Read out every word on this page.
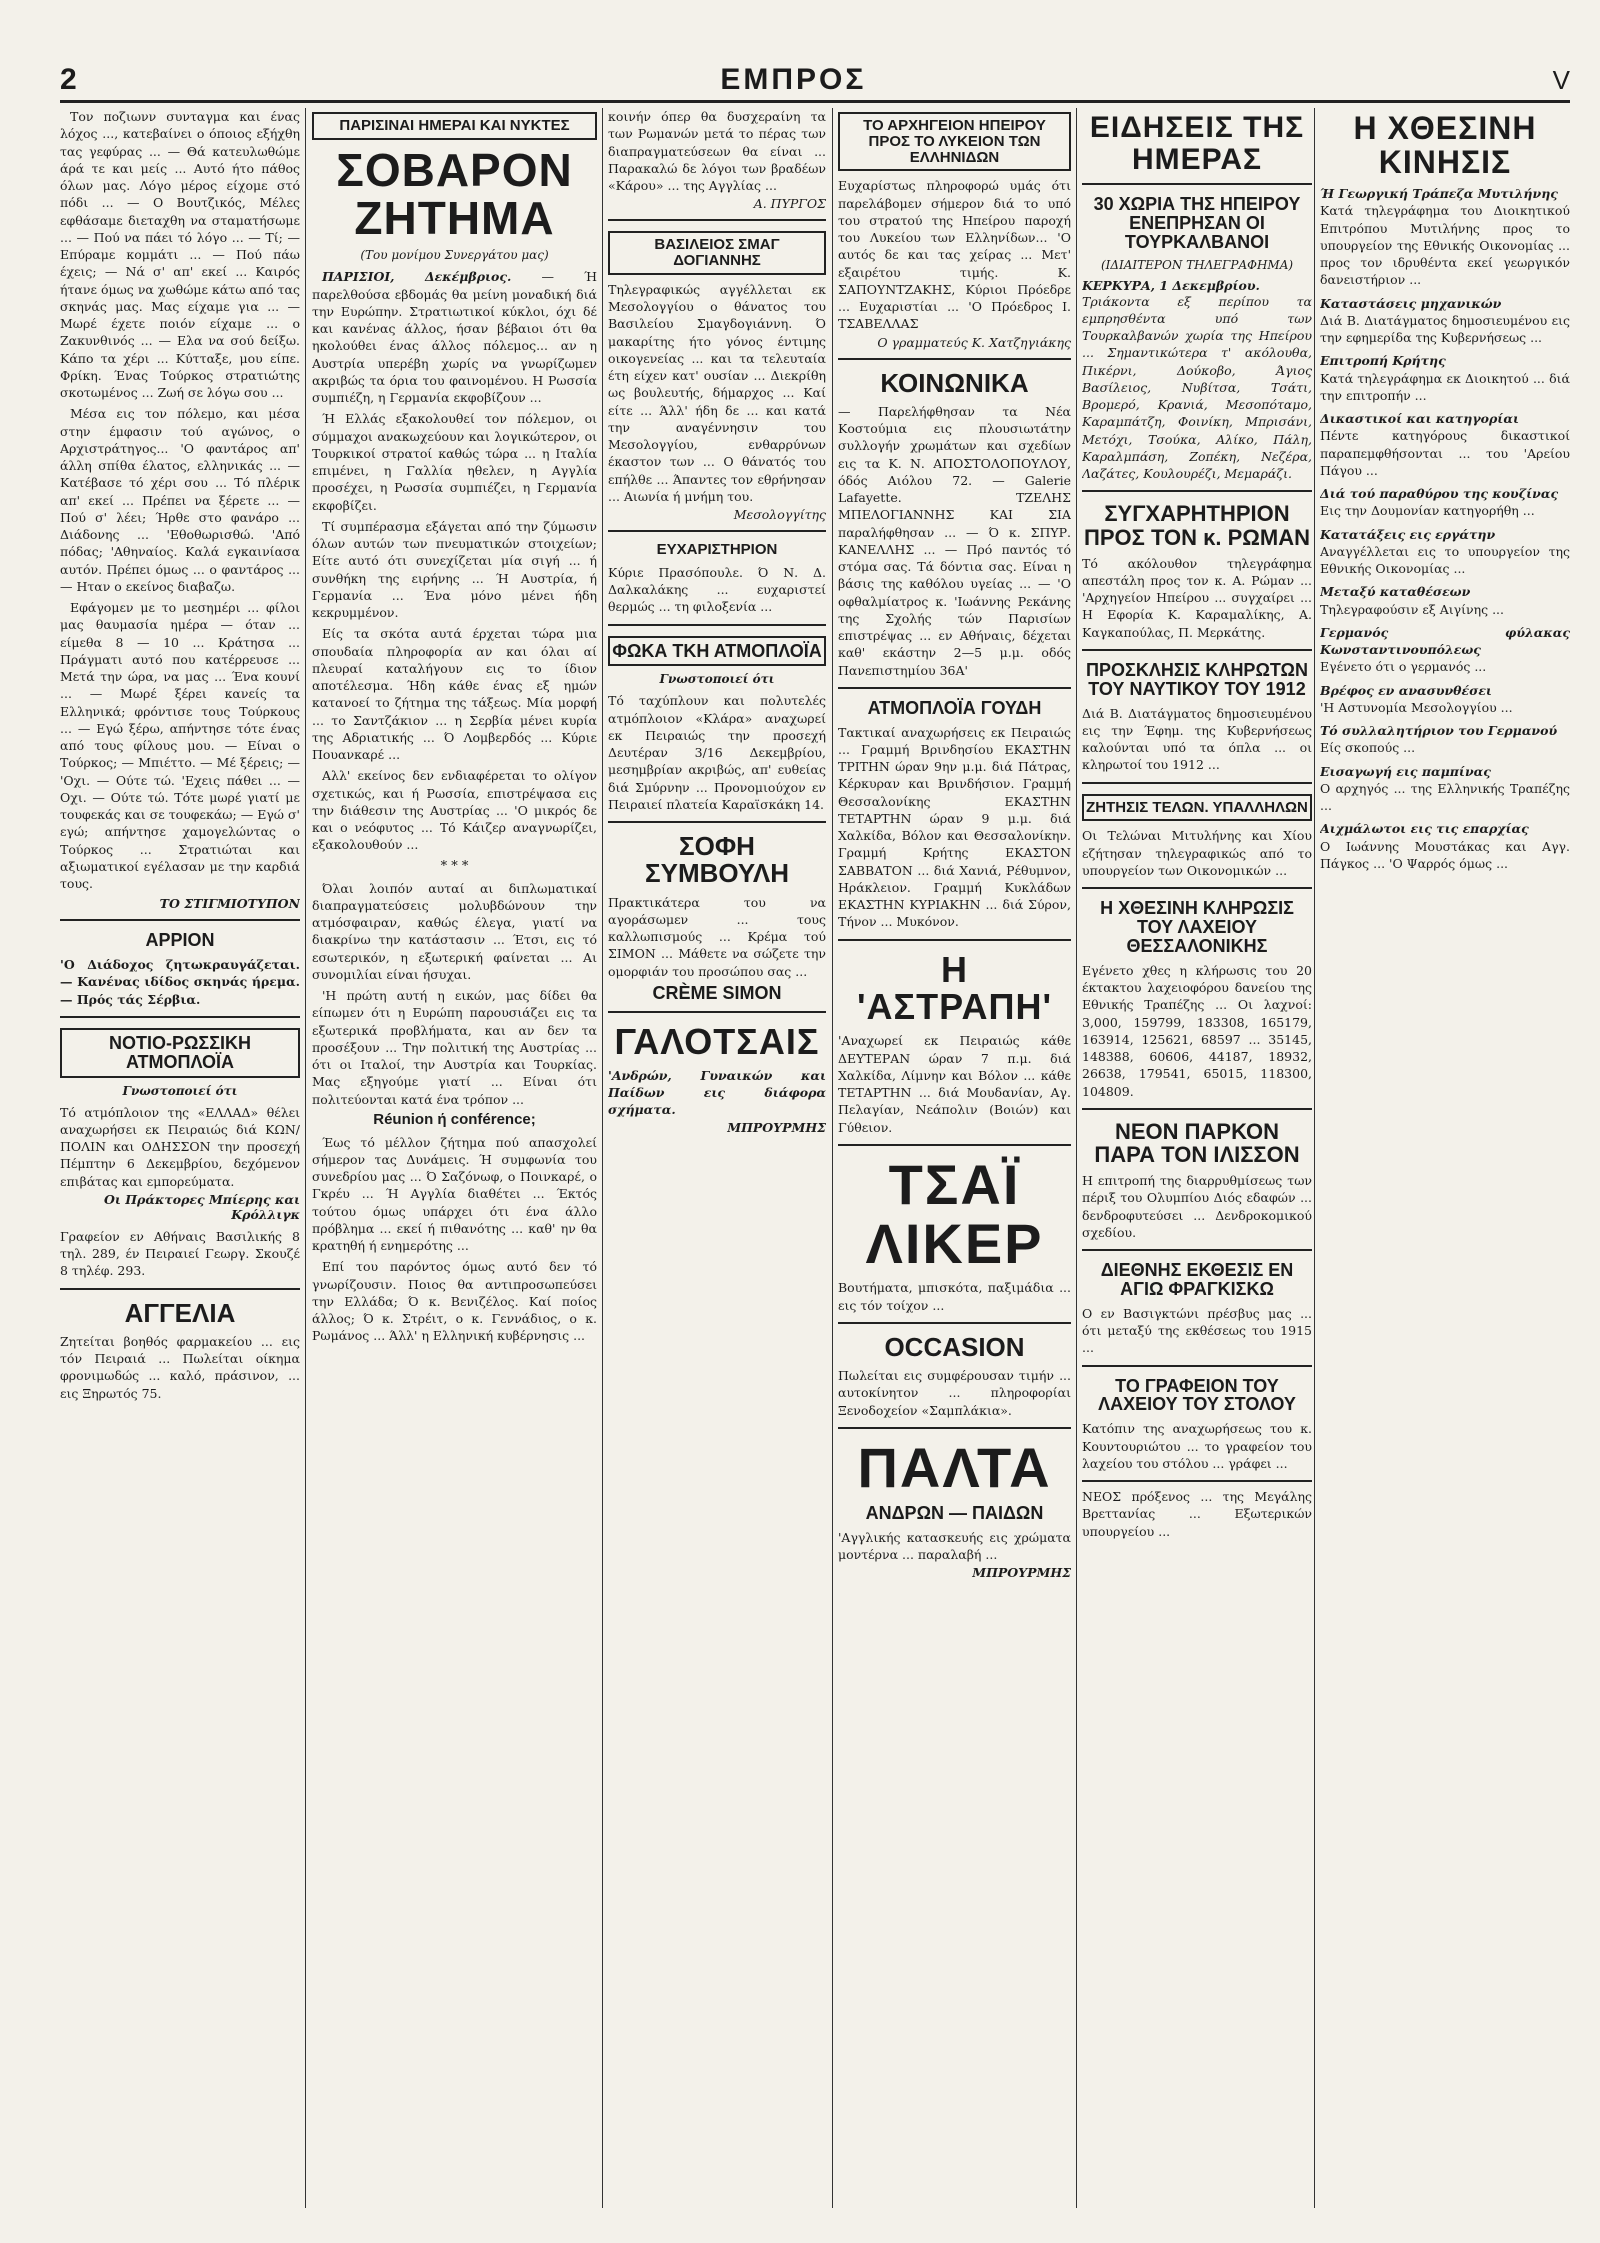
2	ΕΜΠΡΟΣ	V

Τον ποζιωνν συνταγμα και ένας λόχος ..., κατεβαίνει ο όποιος εξήχθη τας γεφύρας ... — Θά κατευλωθώμε άρά τε και μείς ... Αυτό ήτο πάθος όλων μας. Λόγο μέρος είχομε στό πόδι ... — Ο Βουτζικός, Μέλες εφθάσαμε διεταχθη να σταματήσωμε ... — Πού να πάει τό λόγο ... — Τί; — Επύραμε κομμάτι ... — Πού πάω έχεις; — Νά σ' απ' εκεί ... Καιρός ήτανε όμως να χωθώμε κάτω από τας σκηνάς μας. Μας είχαμε για ... — Μωρέ έχετε ποιόν είχαμε ... ο Ζακυνθινός ... — Ελα να σού δείξω. Κάπο τα χέρι ... Κύτταξε, μου είπε. Φρίκη. Ένας Τούρκος στρατιώτης σκοτωμένος ... Ζωή σε λόγω σου ...

Μέσα εις τον πόλεμο, και μέσα στην έμφασιν τού αγώνος, ο Αρχιστράτηγος... 'Ο φαντάρος απ' άλλη σπίθα έλατος, ελληνικάς ... — Κατέβασε τό χέρι σου ... Τό πλέρικ απ' εκεί ... Πρέπει να ξέρετε ... — Πού σ' λέει; Ήρθε στο φανάρο ... Διάδονης ... 'Εθοθωρισθώ. 'Από πόδας; 'Αθηναίος. Καλά εγκαινίασα αυτόν. Πρέπει όμως ... ο φαντάρος ... — Ηταν ο εκείνος διαβαζω.

Εφάγομεν με το μεσημέρι ... φίλοι μας θαυμασία ημέρα — όταν ... είμεθα 8 — 10 ... Κράτησα ... Πράγματι αυτό που κατέρρευσε ... Μετά την ώρα, να μας ... Ένα κουνί ... — Μωρέ ξέρει κανείς τα Ελληνικά; φρόντισε τους Τούρκους ... — Εγώ ξέρω, απήντησε τότε ένας από τους φίλους μου. — Είναι ο Τούρκος; — Μπιέττο. — Μέ ξέρεις; — 'Οχι. — Ούτε τώ. 'Εχεις πάθει ... — Οχι. — Ούτε τώ. Τότε μωρέ γιατί με τουφεκάς και σε τουφεκάω; — Εγώ σ' εγώ; απήντησε χαμογελώντας ο Τούρκος ... Στρατιώται και αξιωματικοί εγέλασαν με την καρδιά τους.

ΤΟ ΣΤΙΓΜΙΟΤΥΠΟΝ
ΑΡΡΙΟΝ
'Ο Διάδοχος ζητωκραυγάζεται. — Κανένας ιδίδος σκηνάς ήρεμα. — Πρός τάς Σέρβια.
ΝΟΤΙΟ-ΡΩΣΣΙΚΗ ΑΤΜΟΠΛΟΪΑ
Γνωστοποιεί ότι
Τό ατμόπλοιον της «ΕΛΛΑΔ» θέλει αναχωρήσει εκ Πειραιώς διά ΚΩΝ/ΠΟΛΙΝ και ΟΔΗΣΣΟΝ την προσεχή Πέμπτην 6 Δεκεμβρίου, δεχόμενον επιβάτας και εμπορεύματα.
Οι Πράκτορες Μπίερης και Κρόλλιγκ
Γραφείον εν Αθήναις Βασιλικής 8 τηλ. 289, έν Πειραιεί Γεωργ. Σκουζέ 8 τηλέφ. 293.
ΑΓΓΕΛΙΑ
Ζητείται βοηθός φαρμακείου ... εις τόν Πειραιά ... Πωλείται οίκημα φρονιμωδώς ... καλό, πράσινον, ... εις Ξηρωτός 75.
ΠΑΡΙΣΙΝΑΙ ΗΜΕΡΑΙ ΚΑΙ ΝΥΚΤΕΣ
ΣΟΒΑΡΟΝ ΖΗΤΗΜΑ
(Του μονίμου Συνεργάτου μας)

ΠΑΡΙΣΙΟΙ, Δεκέμβριος. — Ή παρελθούσα εβδομάς θα μείνη μοναδική διά την Ευρώπην. Στρατιωτικοί κύκλοι, όχι δέ και κανένας άλλος, ήσαν βέβαιοι ότι θα ηκολούθει ένας άλλος πόλεμος... αν η Αυστρία υπερέβη χωρίς να γνωρίζωμεν ακριβώς τα όρια του φαινομένου. Η Ρωσσία συμπιέζη, η Γερμανία εκφοβίζουν ...

Ή Ελλάς εξακολουθεί τον πόλεμον, οι σύμμαχοι ανακωχεύουν και λογικώτερον, οι Τουρκικοί στρατοί καθώς τώρα ... η Ιταλία επιμένει, η Γαλλία ηθελεν, η Αγγλία προσέχει, η Ρωσσία συμπιέζει, η Γερμανία εκφοβίζει.

Τί συμπέρασμα εξάγεται από την ζύμωσιν όλων αυτών των πνευματικών στοιχείων; Είτε αυτό ότι συνεχίζεται μία σιγή ... ή συνθήκη της ειρήνης ... Ή Αυστρία, ή Γερμανία ... Ένα μόνο μένει ήδη κεκρυμμένον.

Είς τα σκότα αυτά έρχεται τώρα μια σπουδαία πληροφορία αν και όλαι αί πλευραί καταλήγουν εις το ίδιον αποτέλεσμα. Ήδη κάθε ένας εξ ημών κατανοεί το ζήτημα της τάξεως. Μία μορφή ... το Σαντζάκιον ... η Σερβία μένει κυρία της Αδριατικής ... Ό Λομβερδός ... Κύριε Πουανκαρέ ...

Αλλ' εκείνος δεν ενδιαφέρεται το ολίγον σχετικώς, και ή Ρωσσία, επιστρέψασα εις την διάθεσιν της Αυστρίας ... 'Ο μικρός δε και ο νεόφυτος ... Τό Κάιζερ αναγνωρίζει, εξακολουθούν ...

* * *

Όλαι λοιπόν αυταί αι διπλωματικαί διαπραγματεύσεις μολυβδώνουν την ατμόσφαιραν, καθώς έλεγα, γιατί να διακρίνω την κατάστασιν ... Έτσι, εις τό εσωτερικόν, η εξωτερική φαίνεται ... Αι συνομιλίαι είναι ήσυχαι.

'Η πρώτη αυτή η εικών, μας δίδει θα είπωμεν ότι η Ευρώπη παρουσιάζει εις τα εξωτερικά προβλήματα, και αν δεν τα προσέξουν ... Την πολιτική της Αυστρίας ... ότι οι Ιταλοί, την Αυστρία και Τουρκίας. Μας εξηγούμε γιατί ... Είναι ότι πολιτεύονται κατά ένα τρόπον ...

Réunion ή conférence;

Έως τό μέλλον ζήτημα πού απασχολεί σήμερον τας Δυνάμεις. Ή συμφωνία του συνεδρίου μας ... Ό Σαζόνωφ, ο Ποινκαρέ, ο Γκρέυ ... Ή Αγγλία διαθέτει ... Έκτός τούτου όμως υπάρχει ότι ένα άλλο πρόβλημα ... εκεί ή πιθανότης ... καθ' ην θα κρατηθή ή ενημερότης ...

Επί του παρόντος όμως αυτό δεν τό γνωρίζουσιν. Ποιος θα αντιπροσωπεύσει την Ελλάδα; Ό κ. Βενιζέλος. Καί ποίος άλλος; Ό κ. Στρέιτ, ο κ. Γεννάδιος, ο κ. Ρωμάνος ... Άλλ' η Ελληνική κυβέρνησις ...

κοινήν όπερ θα δυσχεραίνη τα των Ρωμανών μετά το πέρας των διαπραγματεύσεων θα είναι ... Παρακαλώ δε λόγοι των βραδέων «Κάρου» ... της Αγγλίας ...
Α. ΠΥΡΓΟΣ
ΒΑΣΙΛΕΙΟΣ ΣΜΑΓ ΔΟΓΙΑΝΝΗΣ
Τηλεγραφικώς αγγέλλεται εκ Μεσολογγίου ο θάνατος του Βασιλείου Σμαγδογιάννη. Ό μακαρίτης ήτο γόνος έντιμης οικογενείας ... και τα τελευταία έτη είχεν κατ' ουσίαν ... Διεκρίθη ως βουλευτής, δήμαρχος ... Καί είτε ... Άλλ' ήδη δε ... και κατά την αναγέννησιν του Μεσολογγίου, ενθαρρύνων έκαστον των ... Ο θάνατός του επήλθε ... Άπαντες τον εθρήνησαν ... Αιωνία ή μνήμη του.
Μεσολογγίτης
ΕΥΧΑΡΙΣΤΗΡΙΟΝ
Κύριε Πρασόπουλε. Ό Ν. Δ. Δαλκαλάκης ... ευχαριστεί θερμώς ... τη φιλοξενία ...
ΦΩΚΑ ΤΚΗ ΑΤΜΟΠΛΟΪΑ
Γνωστοποιεί ότι
Τό ταχύπλουν και πολυτελές ατμόπλοιον «Κλάρα» αναχωρεί εκ Πειραιώς την προσεχή Δευτέραν 3/16 Δεκεμβρίου, μεσημβρίαν ακριβώς, απ' ευθείας διά Σμύρνην ... Προνομιούχον εν Πειραιεί πλατεία Καραϊσκάκη 14.
ΣΟΦΗ ΣΥΜΒΟΥΛΗ
Πρακτικάτερα του να αγοράσωμεν ... τους καλλωπισμούς ... Κρέμα τού ΣΙΜΟΝ ... Μάθετε να σώζετε την ομορφιάν του προσώπου σας ...
CRÈME SIMON
ΓΑΛΟΤΣΑΙΣ
'Ανδρών, Γυναικών και Παίδων εις διάφορα σχήματα.
ΜΠΡΟΥΡΜΗΣ
ΤΟ ΑΡΧΗΓΕΙΟΝ ΗΠΕΙΡΟΥ ΠΡΟΣ ΤΟ ΛΥΚΕΙΟΝ ΤΩΝ ΕΛΛΗΝΙΔΩΝ
Ευχαρίστως πληροφορώ υμάς ότι παρελάβομεν σήμερον διά το υπό του στρατού της Ηπείρου παροχή του Λυκείου των Ελληνίδων... 'Ο αυτός δε και τας χείρας ... Μετ' εξαιρέτου τιμής. Κ. ΣΑΠΟΥΝΤΖΑΚΗΣ, Κύριοι Πρόεδρε ... Ευχαριστίαι ... 'Ο Πρόεδρος Ι. ΤΣΑΒΕΛΛΑΣ
Ο γραμματεύς Κ. Χατζηγιάκης
ΚΟΙΝΩΝΙΚΑ
— Παρελήφθησαν τα Νέα Κοστούμια εις πλουσιωτάτην συλλογήν χρωμάτων και σχεδίων εις τα Κ. Ν. ΑΠΟΣΤΟΛΟΠΟΥΛΟΥ, όδός Αιόλου 72. — Galerie Lafayette. ΤΖΕΛΗΣ ΜΠΕΛΟΓΙΑΝΝΗΣ ΚΑΙ ΣΙΑ παραλήφθησαν ... — Ό κ. ΣΠΥΡ. ΚΑΝΕΛΛΗΣ ... — Πρό παντός τό στόμα σας. Τά δόντια σας. Είναι η βάσις της καθόλου υγείας ... — 'Ο οφθαλμίατρος κ. 'Ιωάννης Ρεκάνης της Σχολής τών Παρισίων επιστρέψας ... εν Αθήναις, δέχεται καθ' εκάστην 2—5 μ.μ. οδός Πανεπιστημίου 36Α'
ΑΤΜΟΠΛΟΪΑ ΓΟΥΔΗ
Τακτικαί αναχωρήσεις εκ Πειραιώς ... Γραμμή Βρινδησίου ΕΚΑΣΤΗΝ ΤΡΙΤΗΝ ώραν 9ην μ.μ. διά Πάτρας, Κέρκυραν και Βρινδήσιον. Γραμμή Θεσσαλονίκης ΕΚΑΣΤΗΝ ΤΕΤΑΡΤΗΝ ώραν 9 μ.μ. διά Χαλκίδα, Βόλον και Θεσσαλονίκην. Γραμμή Κρήτης ΕΚΑΣΤΟΝ ΣΑΒΒΑΤΟΝ ... διά Χανιά, Ρέθυμνον, Ηράκλειον. Γραμμή Κυκλάδων ΕΚΑΣΤΗΝ ΚΥΡΙΑΚΗΝ ... διά Σύρον, Τήνον ... Μυκόνον.
Η 'ΑΣΤΡΑΠΗ'
'Αναχωρεί εκ Πειραιώς κάθε ΔΕΥΤΕΡΑΝ ώραν 7 π.μ. διά Χαλκίδα, Λίμνην και Βόλον ... κάθε ΤΕΤΑΡΤΗΝ ... διά Μουδανίαν, Αγ. Πελαγίαν, Νεάπολιν (Βοιών) και Γύθειον.
ΤΣΑΪ ΛΙΚΕΡ
Βουτήματα, μπισκότα, παξιμάδια ... εις τόν τοίχον ...
OCCASION
Πωλείται εις συμφέρουσαν τιμήν ... αυτοκίνητον ... πληροφορίαι Ξενοδοχείον «Σαμπλάκια».
ΠΑΛΤΑ
ΑΝΔΡΩΝ — ΠΑΙΔΩΝ
'Αγγλικής κατασκευής εις χρώματα μοντέρνα ... παραλαβή ...
ΜΠΡΟΥΡΜΗΣ
ΕΙΔΗΣΕΙΣ ΤΗΣ ΗΜΕΡΑΣ
30 ΧΩΡΙΑ ΤΗΣ ΗΠΕΙΡΟΥ ΕΝΕΠΡΗΣΑΝ ΟΙ ΤΟΥΡΚΑΛΒΑΝΟΙ
(ΙΔΙΑΙΤΕΡΟΝ ΤΗΛΕΓΡΑΦΗΜΑ)
ΚΕΡΚΥΡΑ, 1 Δεκεμβρίου.
Τριάκοντα εξ περίπου τα εμπρησθέντα υπό των Τουρκαλβανών χωρία της Ηπείρου ... Σημαντικώτερα τ' ακόλουθα, Πικέρνι, Δούκοβο, Άγιος Βασίλειος, Νυβίτσα, Τσάτι, Βρομερό, Κρανιά, Μεσοπόταμο, Καραμπάτζη, Φοινίκη, Μπρισάνι, Μετόχι, Τσούκα, Αλίκο, Πάλη, Καραλμπάση, Ζοπέκη, Νεζέρα, Λαζάτες, Κουλουρέζι, Μεμαράζι.
ΣΥΓΧΑΡΗΤΗΡΙΟΝ ΠΡΟΣ ΤΟΝ κ. ΡΩΜΑΝ
Τό ακόλουθον τηλεγράφημα απεστάλη προς τον κ. Α. Ρώμαν ... 'Αρχηγείον Ηπείρου ... συγχαίρει ... Η Εφορία Κ. Καραμαλίκης, Α. Καγκαπούλας, Π. Μερκάτης.
ΠΡΟΣΚΛΗΣΙΣ ΚΛΗΡΩΤΩΝ ΤΟΥ ΝΑΥΤΙΚΟΥ ΤΟΥ 1912
Διά Β. Διατάγματος δημοσιευμένου εις την Έφημ. της Κυβερνήσεως καλούνται υπό τα όπλα ... οι κληρωτοί του 1912 ...
ΖΗΤΗΣΙΣ ΤΕΛΩΝ. ΥΠΑΛΛΗΛΩΝ
Οι Τελώναι Μιτυλήνης και Χίου εζήτησαν τηλεγραφικώς από το υπουργείον των Οικονομικών ...
Η ΧΘΕΣΙΝΗ ΚΛΗΡΩΣΙΣ ΤΟΥ ΛΑΧΕΙΟΥ ΘΕΣΣΑΛΟΝΙΚΗΣ
Εγένετο χθες η κλήρωσις του 20 έκτακτου λαχειοφόρου δανείου της Εθνικής Τραπέζης ... Οι λαχνοί: 3,000, 159799, 183308, 165179, 163914, 125621, 68597 ... 35145, 148388, 60606, 44187, 18932, 26638, 179541, 65015, 118300, 104809.
ΝΕΟΝ ΠΑΡΚΟΝ ΠΑΡΑ ΤΟΝ ΙΛΙΣΣΟΝ
Η επιτροπή της διαρρυθμίσεως των πέριξ του Ολυμπίου Διός εδαφών ... δενδροφυτεύσει ... Δενδροκομικού σχεδίου.
ΔΙΕΘΝΗΣ ΕΚΘΕΣΙΣ ΕΝ ΑΓΙΩ ΦΡΑΓΚΙΣΚΩ
Ο εν Βασιγκτώνι πρέσβυς μας ... ότι μεταξύ της εκθέσεως του 1915 ...
ΤΟ ΓΡΑΦΕΙΟΝ ΤΟΥ ΛΑΧΕΙΟΥ ΤΟΥ ΣΤΟΛΟΥ
Κατόπιν της αναχωρήσεως του κ. Κουντουριώτου ... το γραφείον του λαχείου του στόλου ... γράφει ...
ΝΕΟΣ πρόξενος ... της Μεγάλης Βρεττανίας ... Εξωτερικών υπουργείου ...
Η ΧΘΕΣΙΝΗ ΚΙΝΗΣΙΣ
Ή Γεωργική Τράπεζα Μυτιλήνης
Κατά τηλεγράφημα του Διοικητικού Επιτρόπου Μυτιλήνης προς το υπουργείον της Εθνικής Οικονομίας ... προς τον ιδρυθέντα εκεί γεωργικόν δανειστήριον ...
Καταστάσεις μηχανικών
Διά Β. Διατάγματος δημοσιευμένου εις την εφημερίδα της Κυβερνήσεως ...
Επιτροπή Κρήτης
Κατά τηλεγράφημα εκ Διοικητού ... διά την επιτροπήν ...
Δικαστικοί και κατηγορίαι
Πέντε κατηγόρους δικαστικοί παραπεμφθήσονται ... του 'Αρείου Πάγου ...
Διά τού παραθύρου της κουζίνας
Εις την Δουμονίαν κατηγορήθη ...
Κατατάξεις εις εργάτην
Αναγγέλλεται εις το υπουργείον της Εθνικής Οικονομίας ...
Μεταξύ καταθέσεων
Τηλεγραφούσιν εξ Αιγίνης ...
Γερμανός φύλακας Κωνσταντινουπόλεως
Εγένετο ότι ο γερμανός ...
Βρέφος εν ανασυνθέσει
'Η Αστυνομία Μεσολογγίου ...
Τό συλλαλητήριον του Γερμανού
Είς σκοπούς ...
Εισαγωγή εις παμπίνας
Ο αρχηγός ... της Ελληνικής Τραπέζης ...
Αιχμάλωτοι εις τις επαρχίας
Ο Ιωάννης Μουστάκας και Αγγ. Πάγκος ... 'Ο Ψαρρός όμως ...
